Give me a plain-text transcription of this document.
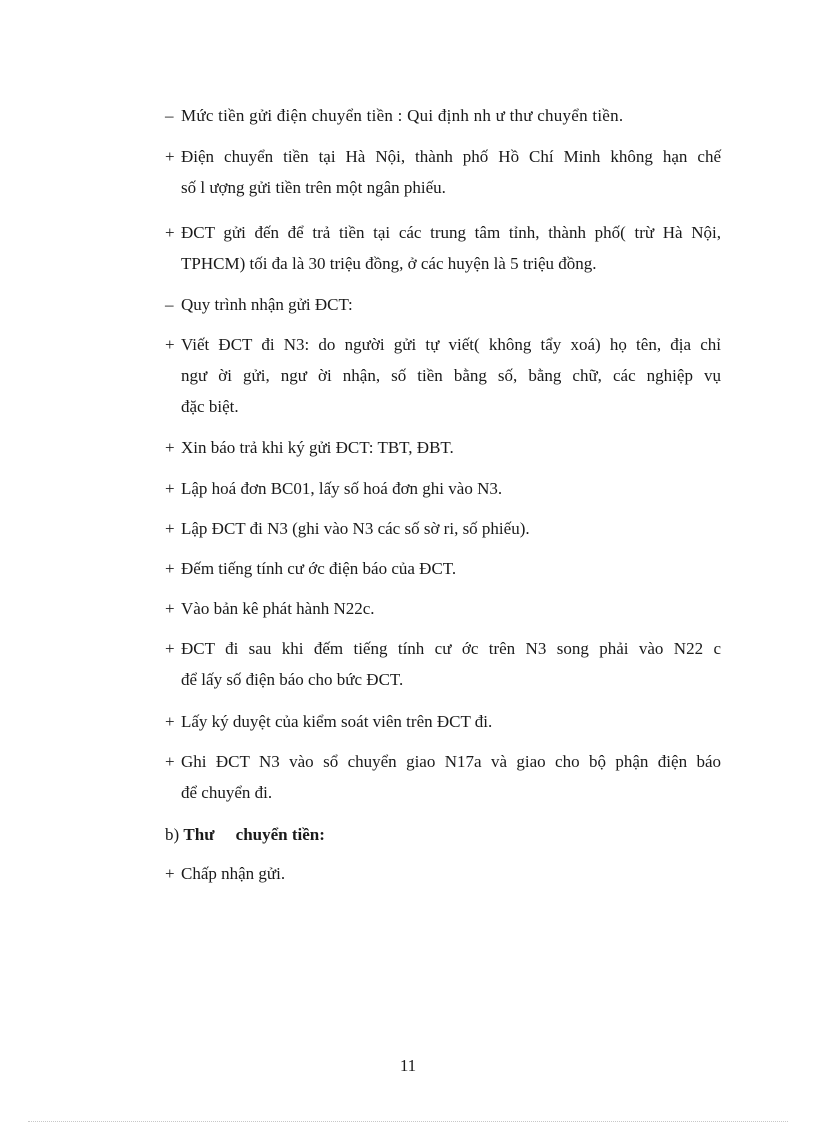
– Mức tiền gửi điện chuyển tiền : Qui định nh ư thư chuyển tiền.
+ Điện chuyển tiền tại Hà Nội, thành phố Hồ Chí Minh không hạn chế
số l ượng gửi tiền trên một ngân phiếu.
+ ĐCT gửi đến để trả tiền tại các trung tâm tỉnh, thành phố( trừ Hà Nội,
TPHCM) tối đa là 30 triệu đồng, ở các huyện là 5 triệu đồng.
– Quy trình nhận gửi ĐCT:
+ Viết ĐCT đi N3: do người gửi tự viết( không tẩy xoá) họ tên, địa chỉ
ngư ời gửi, ngư ời nhận, số tiền bằng số, bằng chữ, các nghiệp vụ
đặc biệt.
+ Xin báo trả khi ký gửi ĐCT: TBT, ĐBT.
+ Lập hoá đơn BC01, lấy số hoá đơn ghi vào N3.
+ Lập ĐCT đi N3 (ghi vào N3 các số sờ ri, số phiếu).
+ Đếm tiếng tính cư ớc điện báo của ĐCT.
+ Vào bản kê phát hành N22c.
+ ĐCT đi sau khi đếm tiếng tính cư ớc trên N3 song phải vào N22 c
để lấy số điện báo cho bức ĐCT.
+ Lấy ký duyệt của kiểm soát viên trên ĐCT đi.
+ Ghi ĐCT N3 vào sổ chuyển giao N17a và giao cho bộ phận điện báo
để chuyển đi.
b) Thư     chuyển tiền:
+ Chấp nhận gửi.
11
